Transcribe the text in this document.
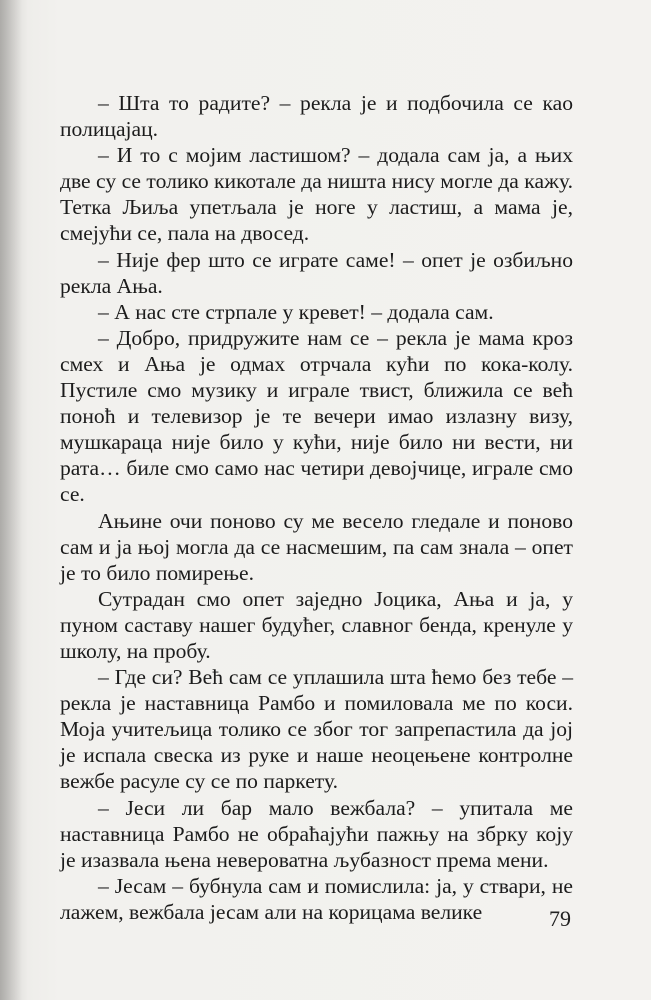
– Шта то радите? – рекла је и подбочила се као полицајац.

– И то с мојим ластишом? – додала сам ја, а њих две су се толико кикотале да ништа нису могле да кажу. Тетка Љиља упетљала је ноге у ластиш, а мама је, смејући се, пала на двосед.

– Није фер што се играте саме! – опет је озбиљно рекла Ања.

– А нас сте стрпале у кревет! – додала сам.

– Добро, придружите нам се – рекла је мама кроз смех и Ања је одмах отрчала кући по кока-колу. Пустиле смо музику и играле твист, ближила се већ поноћ и телевизор је те вечери имао излазну визу, мушкараца није било у кући, није било ни вести, ни рата… биле смо само нас четири девојчице, играле смо се.

Ањине очи поново су ме весело гледале и поново сам и ја њој могла да се насмешим, па сам знала – опет је то било помирење.

Сутрадан смо опет заједно Јоцика, Ања и ја, у пуном саставу нашег будућег, славног бенда, кренуле у школу, на пробу.

– Где си? Већ сам се уплашила шта ћемо без тебе – рекла је наставница Рамбо и помиловала ме по коси. Моја учитељица толико се због тог запрепастила да јој је испала свеска из руке и наше неоцењене контролне вежбе расуле су се по паркету.

– Јеси ли бар мало вежбала? – упитала ме наставница Рамбо не обраћајући пажњу на збрку коју је изазвала њена невероватна љубазност према мени.

– Јесам – бубнула сам и помислила: ја, у ствари, не лажем, вежбала јесам али на корицама велике	79
